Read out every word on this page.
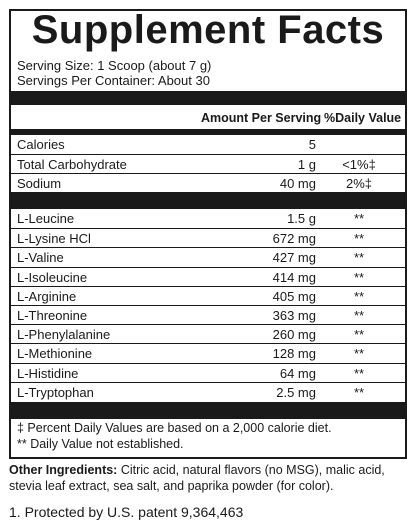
Supplement Facts
Serving Size: 1 Scoop (about 7 g)
Servings Per Container: About 30
Amount Per Serving %Daily Value
Calories	5
Total Carbohydrate	1 g	<1%‡
Sodium	40 mg	2%‡
L-Leucine	1.5 g	**
L-Lysine HCl	672 mg	**
L-Valine	427 mg	**
L-Isoleucine	414 mg	**
L-Arginine	405 mg	**
L-Threonine	363 mg	**
L-Phenylalanine	260 mg	**
L-Methionine	128 mg	**
L-Histidine	64 mg	**
L-Tryptophan	2.5 mg	**
‡ Percent Daily Values are based on a 2,000 calorie diet.
** Daily Value not established.
Other Ingredients: Citric acid, natural flavors (no MSG), malic acid, stevia leaf extract, sea salt, and paprika powder (for color).
1. Protected by U.S. patent 9,364,463
